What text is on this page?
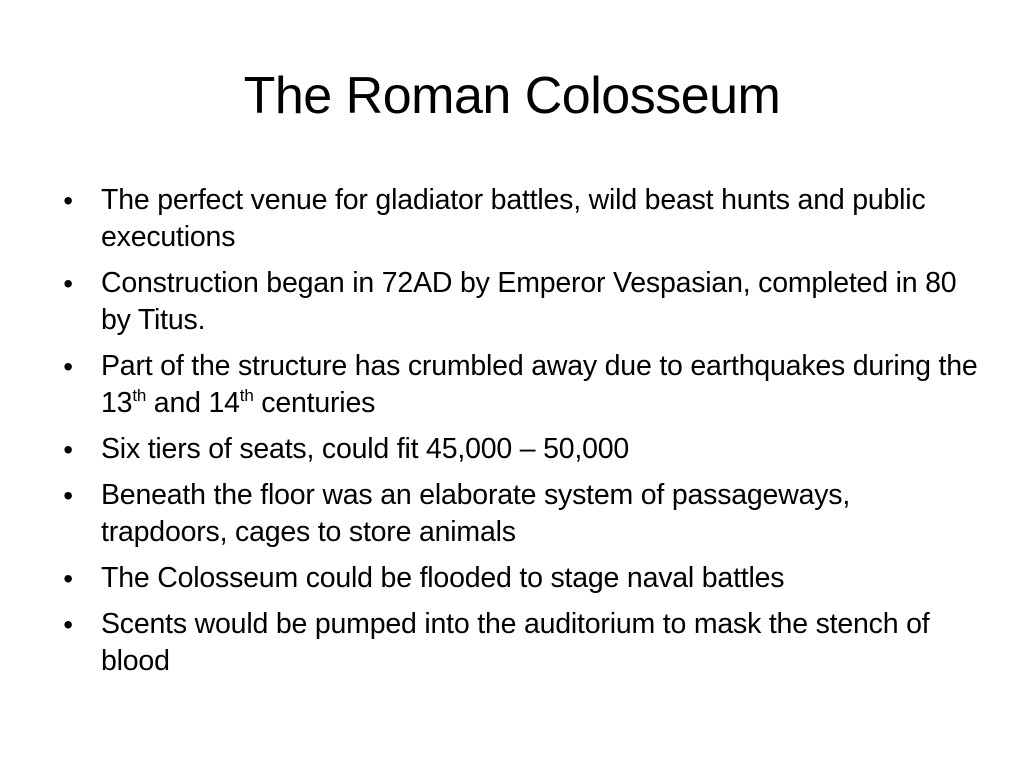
The Roman Colosseum
• The perfect venue for gladiator battles, wild beast hunts and public executions
• Construction began in 72AD by Emperor Vespasian, completed in 80 by Titus.
• Part of the structure has crumbled away due to earthquakes during the 13th and 14th centuries
• Six tiers of seats, could fit 45,000 – 50,000
• Beneath the floor was an elaborate system of passageways, trapdoors, cages to store animals
• The Colosseum could be flooded to stage naval battles
• Scents would be pumped into the auditorium to mask the stench of blood
